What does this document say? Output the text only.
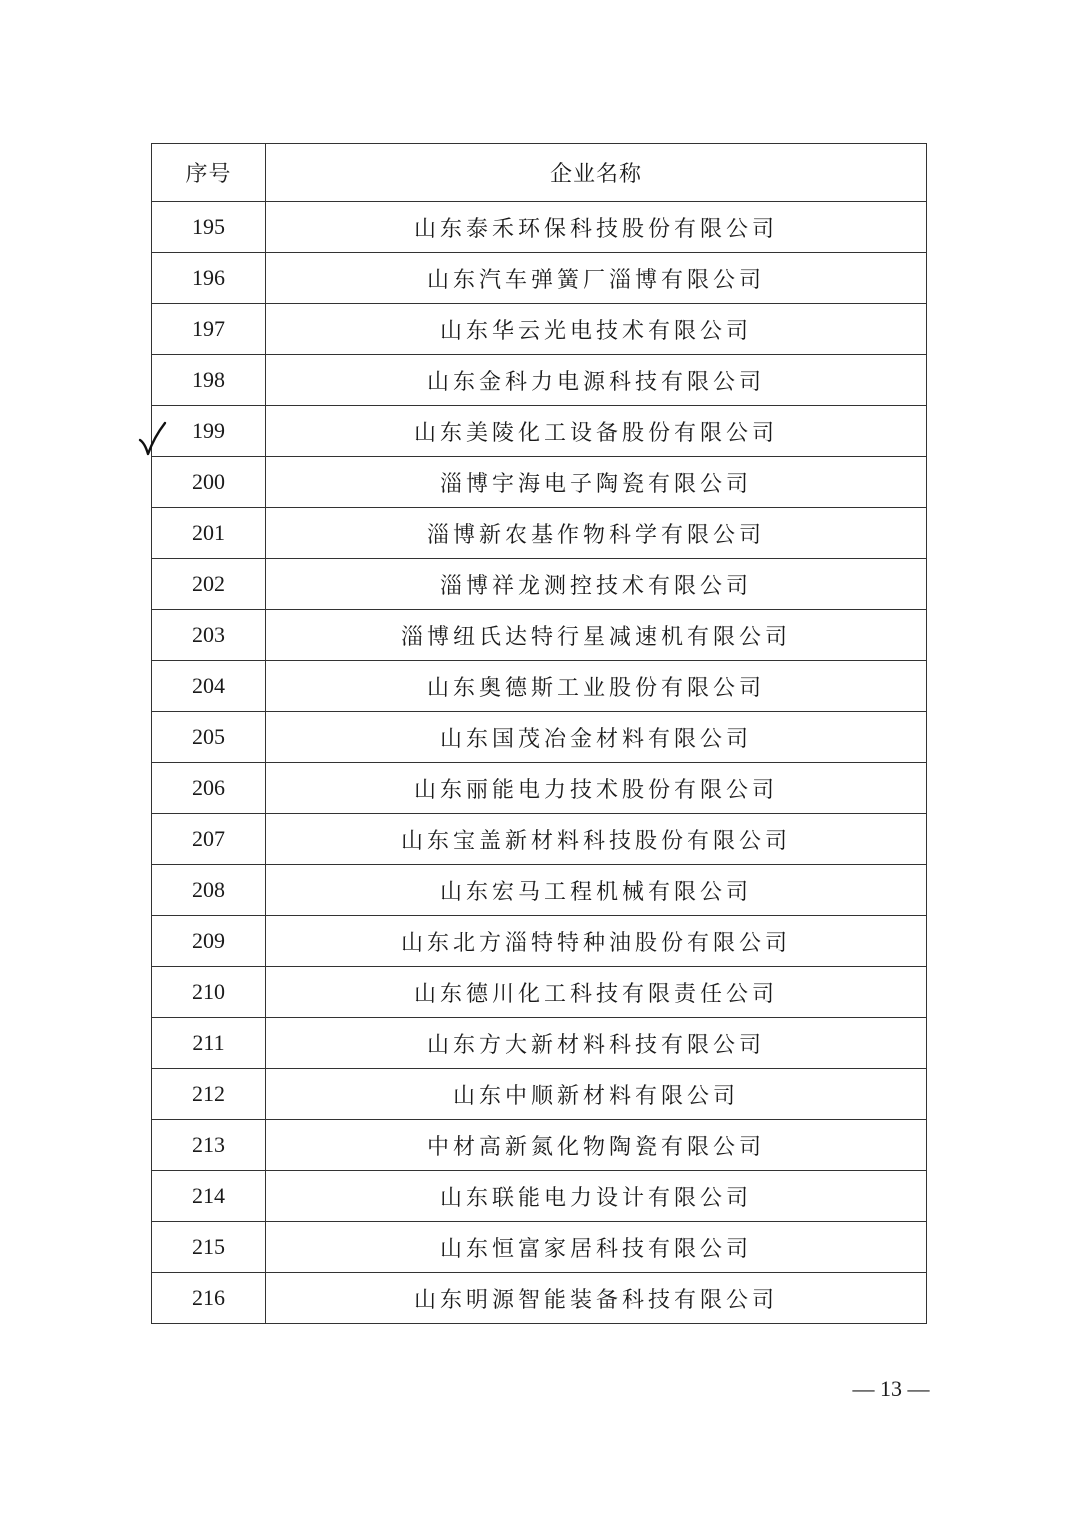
序号	企业名称
195	山东泰禾环保科技股份有限公司
196	山东汽车弹簧厂淄博有限公司
197	山东华云光电技术有限公司
198	山东金科力电源科技有限公司
199	山东美陵化工设备股份有限公司
200	淄博宇海电子陶瓷有限公司
201	淄博新农基作物科学有限公司
202	淄博祥龙测控技术有限公司
203	淄博纽氏达特行星减速机有限公司
204	山东奥德斯工业股份有限公司
205	山东国茂冶金材料有限公司
206	山东丽能电力技术股份有限公司
207	山东宝盖新材料科技股份有限公司
208	山东宏马工程机械有限公司
209	山东北方淄特特种油股份有限公司
210	山东德川化工科技有限责任公司
211	山东方大新材料科技有限公司
212	山东中顺新材料有限公司
213	中材高新氮化物陶瓷有限公司
214	山东联能电力设计有限公司
215	山东恒富家居科技有限公司
216	山东明源智能装备科技有限公司
— 13 —
